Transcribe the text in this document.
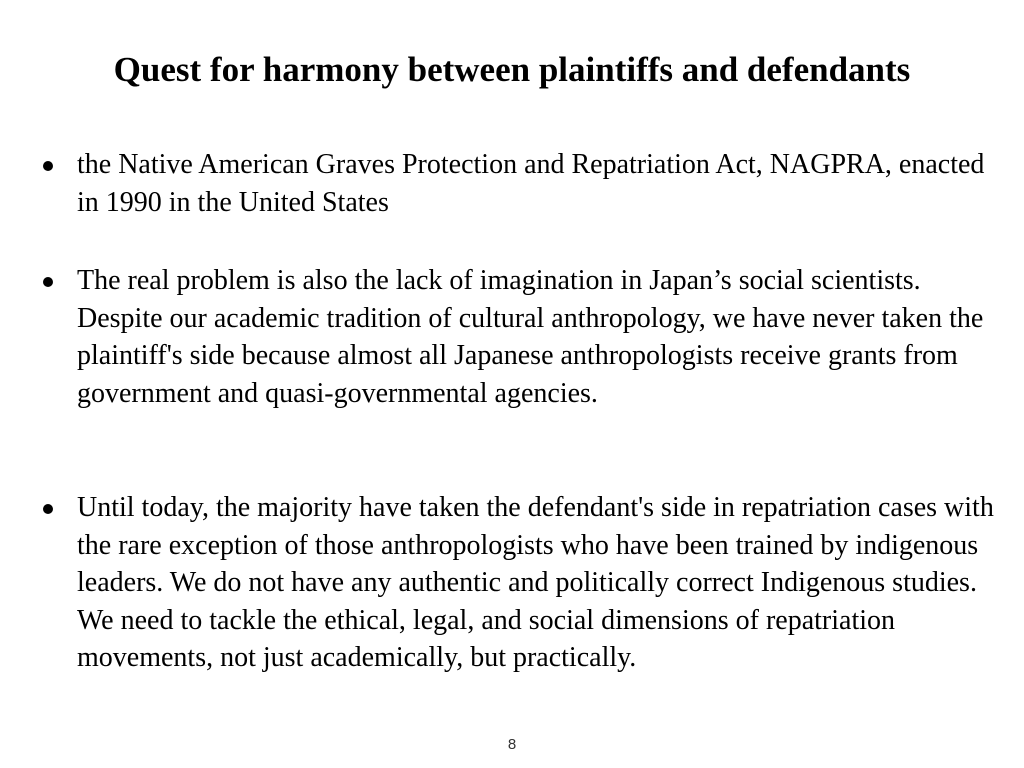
Quest for harmony between plaintiffs and defendants

the Native American Graves Protection and Repatriation Act, NAGPRA, enacted in 1990 in the United States

The real problem is also the lack of imagination in Japan’s social scientists. Despite our academic tradition of cultural anthropology, we have never taken the plaintiff's side because almost all Japanese anthropologists receive grants from government and quasi-governmental agencies.

Until today, the majority have taken the defendant's side in repatriation cases with the rare exception of those anthropologists who have been trained by indigenous leaders. We do not have any authentic and politically correct Indigenous studies. We need to tackle the ethical, legal, and social dimensions of repatriation movements, not just academically, but practically.

8
